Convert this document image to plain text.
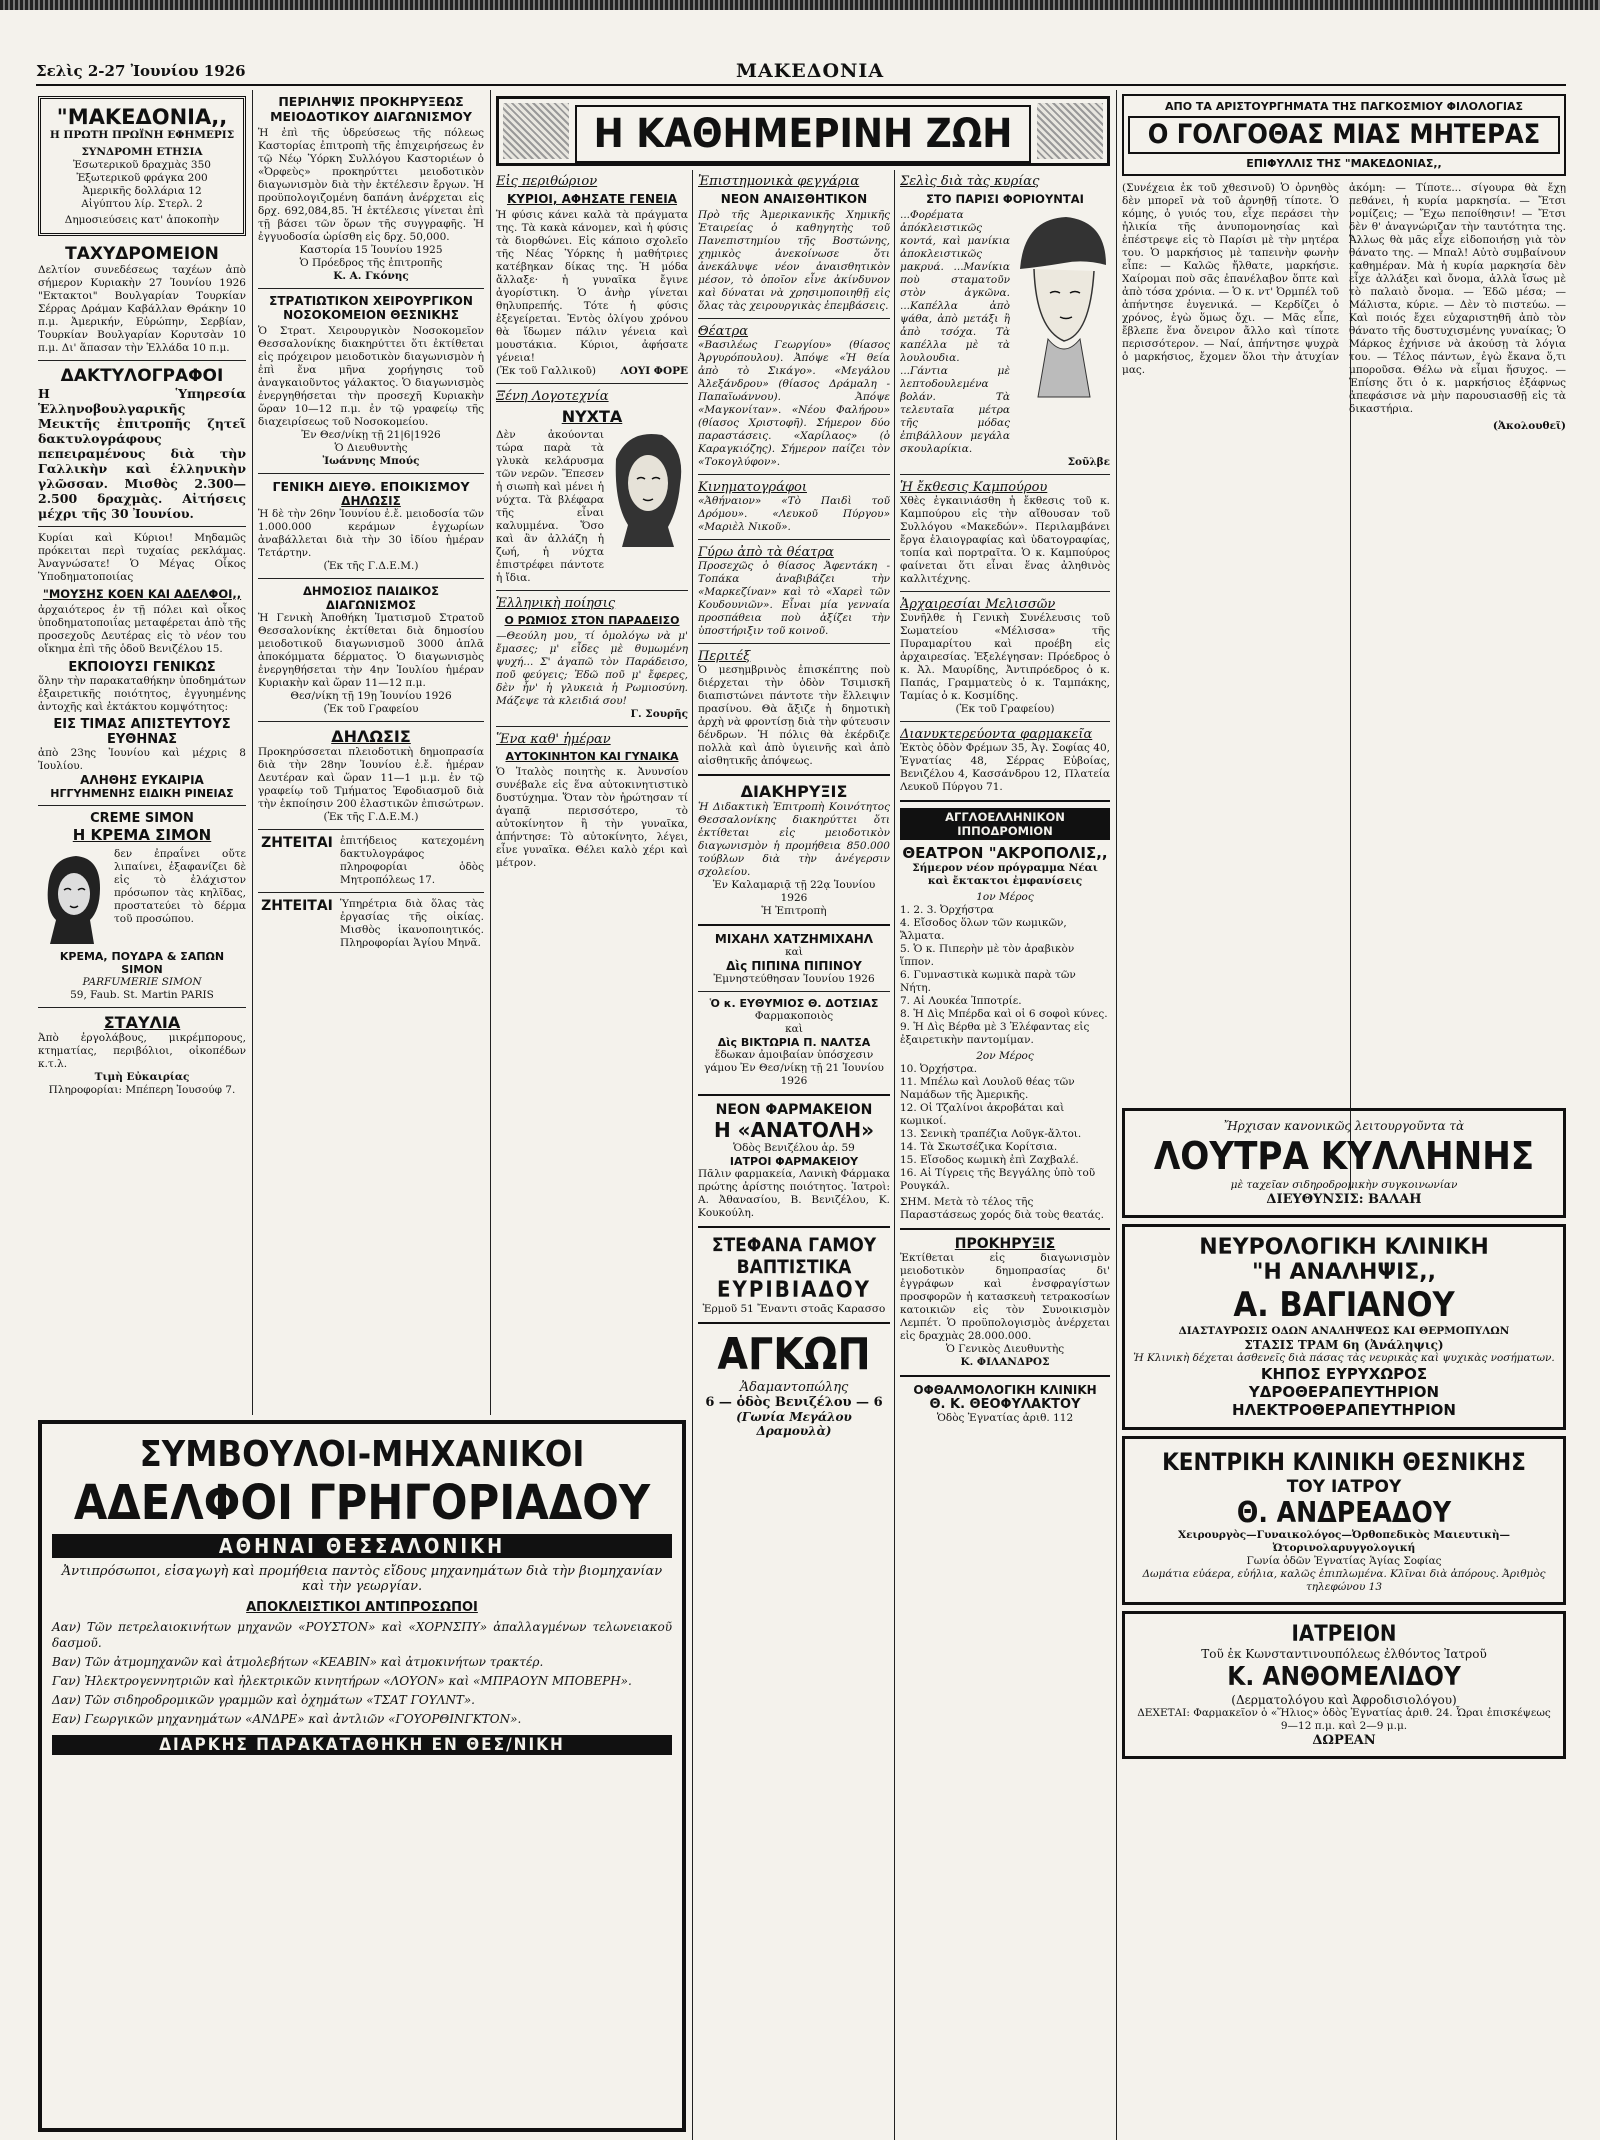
Σελὶς 2-27 Ἰουνίου 1926	ΜΑΚΕΔΟΝΙΑ
"ΜΑΚΕΔΟΝΙΑ,,
Η ΠΡΩΤΗ ΠΡΩΪΝΗ ΕΦΗΜΕΡΙΣ
ΣΥΝΔΡΟΜΗ ΕΤΗΣΙΑ
Ἐσωτερικοῦ δραχμὰς 350
Ἐξωτερικοῦ φράγκα 200
Ἀμερικῆς δολλάρια 12
Αἰγύπτου λίρ. Στερλ. 2
Δημοσιεύσεις κατ' ἀποκοπὴν
ΤΑΧΥΔΡΟΜΕΙΟΝ
Δελτίον συνεδέσεως ταχέων ἀπὸ σήμερον Κυριακὴν 27 Ἰουνίου 1926 "Εκτακτοι" Βουλγαρίαν Τουρκίαν Σέρρας Δράμαν Καβάλλαν Θράκην 10 π.μ. Ἀμερικήν, Εὐρώπην, Σερβίαν, Τουρκίαν Βουλγαρίαν Κορυτσὰν 10 π.μ. Δι' ἅπασαν τὴν Ἑλλάδα 10 π.μ.
ΔΑΚΤΥΛΟΓΡΑΦΟΙ
Η Ὑπηρεσία Ἑλληνοβουλγαρικῆς Μεικτῆς ἐπιτροπῆς ζητεῖ δακτυλογράφους πεπειραμένους διὰ τὴν Γαλλικὴν καὶ ἑλληνικὴν γλῶσσαν. Μισθὸς 2.300—2.500 δραχμὰς. Αἰτήσεις μέχρι τῆς 30 Ἰουνίου.
Κυρίαι καὶ Κύριοι! Μηδαμῶς πρόκειται περὶ τυχαίας ρεκλάμας. Ἀναγνώσατε! Ὁ Μέγας Οἶκος Ὑποδηματοποιίας
"ΜΟΥΣΗΣ ΚΟΕΝ ΚΑΙ ΑΔΕΛΦΟΙ,,
ἀρχαιότερος ἐν τῇ πόλει καὶ οἶκος ὑποδηματοποιΐας μεταφέρεται ἀπὸ τῆς προσεχοῦς Δευτέρας εἰς τὸ νέον του οἴκημα ἐπὶ τῆς ὁδοῦ Βενιζέλου 15.
ΕΚΠΟΙΟΥΣΙ ΓΕΝΙΚΩΣ
ὅλην τὴν παρακαταθήκην ὑποδημάτων ἐξαιρετικῆς ποιότητος, ἐγγυημένης ἀντοχῆς καὶ ἐκτάκτου κομψότητος:
ΕΙΣ ΤΙΜΑΣ ΑΠΙΣΤΕΥΤΟΥΣ ΕΥΘΗΝΑΣ
ἀπὸ 23ης Ἰουνίου καὶ μέχρις 8 Ἰουλίου.
ΑΛΗΘΗΣ ΕΥΚΑΙΡΙΑ
ΗΓΓΥΗΜΕΝΗΣ ΕΙΔΙΚΗ ΡΙΝΕΙΑΣ
CREME SIMON
Η ΚΡΕΜΑ ΣΙΜΟΝ
δεν ἐπραΐνει οὔτε λιπαίνει, ἐξαφανίζει δὲ εἰς τὸ ἐλάχιστον πρόσωπον τὰς κηλῖδας, προστατεύει τὸ δέρμα τοῦ προσώπου.
ΚΡΕΜΑ, ΠΟΥΔΡΑ & ΣΑΠΩΝ SIMON
PARFUMERIE SIMON
59, Faub. St. Martin PARIS
ΣΤΑΥΛΙΑ
Ἀπὸ ἐργολάβους, μικρέμπορους, κτηματίας, περιβόλιοι, οἰκοπέδων κ.τ.λ.
Τιμὴ Εὐκαιρίας
Πληροφορίαι: Μπέπερη Ἰουσούφ 7.
ΠΕΡΙΛΗΨΙΣ ΠΡΟΚΗΡΥΞΕΩΣ ΜΕΙΟΔΟΤΙΚΟΥ ΔΙΑΓΩΝΙΣΜΟΥ
Ἡ ἐπὶ τῆς ὑδρεύσεως τῆς πόλεως Καστορίας ἐπιτροπὴ τῆς ἐπιχειρήσεως ἐν τῷ Νέῳ Ὑόρκη Συλλόγου Καστοριέων ὁ «Ὀρφεὺς» προκηρύττει μειοδοτικὸν διαγωνισμὸν διὰ τὴν ἐκτέλεσιν ἔργων. Ἡ προϋπολογιζομένη δαπάνη ἀνέρχεται εἰς δρχ. 692,084,85. Ἡ ἐκτέλεσις γίνεται ἐπὶ τῇ βάσει τῶν ὅρων τῆς συγγραφῆς. Ἡ ἐγγυοδοσία ὡρίσθη εἰς δρχ. 50,000.
Καστορία 15 Ἰουνίου 1925
Ὁ Πρόεδρος τῆς ἐπιτροπῆς
Κ. Α. Γκόνης
ΣΤΡΑΤΙΩΤΙΚΟΝ ΧΕΙΡΟΥΡΓΙΚΟΝ ΝΟΣΟΚΟΜΕΙΟΝ ΘΕΣΝΙΚΗΣ
Ὁ Στρατ. Χειρουργικὸν Νοσοκομεῖον Θεσσαλονίκης διακηρύττει ὅτι ἐκτίθεται εἰς πρόχειρον μειοδοτικὸν διαγωνισμὸν ἡ ἐπὶ ἕνα μῆνα χορήγησις τοῦ ἀναγκαιοῦντος γάλακτος. Ὁ διαγωνισμὸς ἐνεργηθήσεται τὴν προσεχῆ Κυριακὴν ὥραν 10—12 π.μ. ἐν τῷ γραφείῳ τῆς διαχειρίσεως τοῦ Νοσοκομείου.
Ἐν Θεσ/νίκῃ τῇ 21|6|1926
Ὁ Διευθυντὴς
Ἰωάννης Μπούς
ΓΕΝΙΚΗ ΔΙΕΥΘ. ΕΠΟΙΚΙΣΜΟΥ
ΔΗΛΩΣΙΣ
Ἡ δὲ τὴν 26ην Ἰουνίου ἐ.ἔ. μειοδοσία τῶν 1.000.000 κεράμων ἐγχωρίων ἀναβάλλεται διὰ τὴν 30 ἰδίου ἡμέραν Τετάρτην.
(Ἐκ τῆς Γ.Δ.Ε.Μ.)
ΔΗΜΟΣΙΟΣ ΠΑΙΔΙΚΟΣ ΔΙΑΓΩΝΙΣΜΟΣ
Ἡ Γενικὴ Ἀποθήκη Ἰματισμοῦ Στρατοῦ Θεσσαλονίκης ἐκτίθεται διὰ δημοσίου μειοδοτικοῦ διαγωνισμοῦ 3000 ἀπλᾶ ἀποκόμματα δέρματος. Ὁ διαγωνισμὸς ἐνεργηθήσεται τὴν 4ην Ἰουλίου ἡμέραν Κυριακὴν καὶ ὥραν 11—12 π.μ.
Θεσ/νίκη τῇ 19ῃ Ἰουνίου 1926
(Ἐκ τοῦ Γραφείου
ΔΗΛΩΣΙΣ
Προκηρύσσεται πλειοδοτικὴ δημοπρασία διὰ τὴν 28ην Ἰουνίου ἐ.ἔ. ἡμέραν Δευτέραν καὶ ὥραν 11—1 μ.μ. ἐν τῷ γραφείῳ τοῦ Τμήματος Ἐφοδιασμοῦ διὰ τὴν ἐκποίησιν 200 ἐλαστικῶν ἐπισώτρων.
(Ἐκ τῆς Γ.Δ.Ε.Μ.)
ΖΗΤΕΙΤΑΙ ἐπιτήδειος κατεχομένη δακτυλογράφος πληροφορίαι ὁδὸς Μητροπόλεως 17.
ΖΗΤΕΙΤΑΙ Ὑπηρέτρια διὰ ὅλας τὰς ἐργασίας τῆς οἰκίας. Μισθὸς ἱκανοποιητικός. Πληροφορίαι Ἁγίου Μηνᾶ.
Η ΚΑΘΗΜΕΡΙΝΗ ΖΩΗ
Εἰς περιθώριον
ΚΥΡΙΟΙ, ΑΦΗΣΑΤΕ ΓΕΝΕΙΑ
Ἡ φύσις κάνει καλὰ τὰ πράγματα της. Τὰ κακὰ κάνομεν, καὶ ἡ φύσις τὰ διορθώνει. Εἰς κάποιο σχολεῖο τῆς Νέας Ὑόρκης ἡ μαθήτριες κατέβηκαν δίκας της. Ἡ μόδα ἄλλαξε· ἡ γυναῖκα ἔγινε ἀγορίστικη. Ὁ ἀνὴρ γίνεται θηλυπρεπής. Τότε ἡ φύσις ἐξεγείρεται. Ἐντὸς ὀλίγου χρόνου θὰ ἴδωμεν πάλιν γένεια καὶ μουστάκια. Κύριοι, ἀφήσατε γένεια!
(Ἐκ τοῦ Γαλλικοῦ) ΛΟΥΙ ΦΟΡΕ
Ξένη Λογοτεχνία
ΝΥΧΤΑ
Δὲν ἀκούονται τώρα παρὰ τὰ γλυκὰ κελάρυσμα τῶν νερῶν. Ἔπεσεν ἡ σιωπὴ καὶ μένει ἡ νύχτα. Τὰ βλέφαρα τῆς εἶναι καλυμμένα. Ὅσο καὶ ἂν ἀλλάζη ἡ ζωή, ἡ νύχτα ἐπιστρέφει πάντοτε ἡ ἴδια.
Ἑλληνικὴ ποίησις
Ο ΡΩΜΙΟΣ ΣΤΟΝ ΠΑΡΑΔΕΙΣΟ
—Θεούλη μου, τί ὁμολόγω νὰ μ' ἔμασες; μ' εἶδες μὲ θυμωμένη ψυχή... Σ' ἀγαπῶ τὸν Παράδεισο, ποῦ φεύγεις; Ἐδῶ ποῦ μ' ἔφερες, δὲν ἦν' ἡ γλυκειὰ ἡ Ρωμιοσύνη. Μάζεψε τὰ κλειδιά σου!
Γ. Σουρῆς
Ἕνα καθ' ἡμέραν
ΑΥΤΟΚΙΝΗΤΟΝ ΚΑΙ ΓΥΝΑΙΚΑ
Ὁ Ἰταλὸς ποιητὴς κ. Ἀνυνσίου συνέβαλε εἰς ἕνα αὐτοκινητιστικὸ δυστύχημα. Ὅταν τὸν ἠρώτησαν τί ἀγαπᾷ περισσότερο, τὸ αὐτοκίνητον ἢ τὴν γυναῖκα, ἀπήντησε: Τὸ αὐτοκίνητο, λέγει, εἶνε γυναῖκα. Θέλει καλὸ χέρι καὶ μέτρον.
Ἐπιστημονικὰ φεγγάρια
ΝΕΟΝ ΑΝΑΙΣΘΗΤΙΚΟΝ
Πρὸ τῆς Ἀμερικανικῆς Χημικῆς Ἑταιρείας ὁ καθηγητὴς τοῦ Πανεπιστημίου τῆς Βοστώνης, χημικὸς ἀνεκοίνωσε ὅτι ἀνεκάλυψε νέον ἀναισθητικὸν μέσον, τὸ ὁποῖον εἶνε ἀκίνδυνον καὶ δύναται νὰ χρησιμοποιηθῇ εἰς ὅλας τὰς χειρουργικὰς ἐπεμβάσεις.
Θέατρα
«Βασιλέως Γεωργίου» (θίασος Ἀργυρόπουλου). Ἀπόψε «Ἡ θεία ἀπὸ τὸ Σικάγο». «Μεγάλου Ἀλεξάνδρου» (θίασος Δράμαλη - Παπαϊωάννου). Ἀπόψε «Μαγκονίταν». «Νέου Φαλήρου» (θίασος Χριστοφῆ). Σήμερον δύο παραστάσεις. «Χαρίλαος» (ὁ Καραγκιόζης). Σήμερον παίζει τὸν «Τοκογλύφον».
Κινηματογράφοι
«Ἀθήναιον» «Τὸ Παιδὶ τοῦ Δρόμου». «Λευκοῦ Πύργου» «Μαριὲλ Νικοῦ».
Γύρω ἀπὸ τὰ θέατρα
Προσεχῶς ὁ θίασος Ἀφεντάκη - Τοπάκα ἀναβιβάζει τὴν «Μαρκεζίναν» καὶ τὸ «Χαρεὶ τῶν Κουδουνιῶν». Εἶναι μία γενναία προσπάθεια ποὺ ἀξίζει τὴν ὑποστήριξιν τοῦ κοινοῦ.
Περιτέξ
Ὁ μεσημβρινὸς ἐπισκέπτης ποὺ διέρχεται τὴν ὁδὸν Τσιμισκῆ διαπιστώνει πάντοτε τὴν ἔλλειψιν πρασίνου. Θὰ ἄξιζε ἡ δημοτικὴ ἀρχὴ νὰ φροντίσῃ διὰ τὴν φύτευσιν δένδρων. Ἡ πόλις θὰ ἐκέρδιζε πολλὰ καὶ ἀπὸ ὑγιεινῆς καὶ ἀπὸ αἰσθητικῆς ἀπόψεως.
ΔΙΑΚΗΡΥΞΙΣ
Ἡ Διδακτικὴ Ἐπιτροπὴ Κοινότητος Θεσσαλονίκης διακηρύττει ὅτι ἐκτίθεται εἰς μειοδοτικὸν διαγωνισμὸν ἡ προμήθεια 850.000 τούβλων διὰ τὴν ἀνέγερσιν σχολείου.
Ἐν Καλαμαριᾷ τῇ 22ᾳ Ἰουνίου 1926
Ἡ Ἐπιτροπὴ
ΜΙΧΑΗΛ ΧΑΤΖΗΜΙΧΑΗΛ
καὶ
Δὶς ΠΙΠΙΝΑ ΠΙΠΙΝΟΥ
Ἐμνηστεύθησαν Ἰουνίου 1926
Ὁ κ. ΕΥΘΥΜΙΟΣ Θ. ΔΟΤΣΙΑΣ
Φαρμακοποιὸς
καὶ
Δὶς ΒΙΚΤΩΡΙΑ Π. ΝΑΛΤΣΑ
ἔδωκαν ἀμοιβαίαν ὑπόσχεσιν γάμου Ἐν Θεσ/νίκῃ τῇ 21 Ἰουνίου 1926
ΝΕΟΝ ΦΑΡΜΑΚΕΙΟΝ
Η «ΑΝΑΤΟΛΗ»
Ὁδὸς Βενιζέλου ἀρ. 59
ΙΑΤΡΟΙ ΦΑΡΜΑΚΕΙΟΥ
Πᾶλιν φαρμακεία, Λανικὴ Φάρμακα πρώτης ἀρίστης ποιότητος. Ἰατροὶ: Α. Ἀθανασίου, Β. Βενιζέλου, Κ. Κουκούλη.
ΣΤΕΦΑΝΑ ΓΑΜΟΥ ΒΑΠΤΙΣΤΙΚΑ
ΕΥΡΙΒΙΑΔΟΥ
Ἑρμοῦ 51 Ἔναντι στοᾶς Καρασσο
ΑΓΚΩΠ
Ἀδαμαντοπώλης
6 — ὁδὸς Βενιζέλου — 6
(Γωνία Μεγάλου Δραμουλὰ)
Σελὶς διὰ τὰς κυρίας
ΣΤΟ ΠΑΡΙΣΙ ΦΟΡΙΟΥΝΤΑΙ
...Φορέματα ἀπόκλειστικῶς κοντά, καὶ μανίκια ἀποκλειστικῶς μακρυά. ...Μανίκια ποὺ σταματοῦν στὸν ἀγκῶνα. ...Καπέλλα ἀπὸ ψάθα, ἀπὸ μετάξι ἢ ἀπὸ τσόχα. Τὰ καπέλλα μὲ τὰ λουλουδια. ...Γάντια μὲ λεπτοδουλεμένα βολάν. Τὰ τελευταῖα μέτρα τῆς μόδας ἐπιβάλλουν μεγάλα σκουλαρίκια.
Σοῦλβε
Ἡ ἔκθεσις Καμπούρου
Χθὲς ἐγκαινιάσθη ἡ ἔκθεσις τοῦ κ. Καμπούρου εἰς τὴν αἴθουσαν τοῦ Συλλόγου «Μακεδών». Περιλαμβάνει ἔργα ἐλαιογραφίας καὶ ὑδατογραφίας, τοπία καὶ πορτραῖτα. Ὁ κ. Καμπούρος φαίνεται ὅτι εἶναι ἕνας ἀληθινὸς καλλιτέχνης.
Ἀρχαιρεσίαι Μελισσῶν
Συνῆλθε ἡ Γενικὴ Συνέλευσις τοῦ Σωματείου «Μέλισσα» τῆς Πυραμαρίτου καὶ προέβη εἰς ἀρχαιρεσίας. Ἐξελέγησαν: Πρόεδρος ὁ κ. Ἀλ. Μαυρίδης, Ἀντιπρόεδρος ὁ κ. Παπάς, Γραμματεὺς ὁ κ. Ταμπάκης, Ταμίας ὁ κ. Κοσμίδης.
(Ἐκ τοῦ Γραφείου)
Διανυκτερεύοντα φαρμακεῖα
Ἐκτὸς ὁδὸν Φρέμων 35, Ἀγ. Σοφίας 40, Ἐγνατίας 48, Σέρρας Εὐβοίας, Βενιζέλου 4, Κασσάνδρου 12, Πλατεία Λευκοῦ Πύργου 71.
ΑΓΓΛΟΕΛΛΗΝΙΚΟΝ ΙΠΠΟΔΡΟΜΙΟΝ
ΘΕΑΤΡΟΝ "ΑΚΡΟΠΟΛΙΣ,,
Σήμερον νέον πρόγραμμα Νέαι καὶ ἔκτακτοι ἐμφανίσεις
1ον Μέρος
1. 2. 3. Ὀρχήστρα
4. Εἴσοδος ὅλων τῶν κωμικῶν, Ἄλματα.
5. Ὁ κ. Πιπερὴν μὲ τὸν ἀραβικὸν ἵππον.
6. Γυμναστικὰ κωμικὰ παρὰ τῶν Νήτη.
7. Αἱ Λουκέα Ἰπποτρίε.
8. Ἡ Δὶς Μπέρδα καὶ οἱ 6 σοφοὶ κύνες.
9. Ἡ Δὶς Βέρθα μὲ 3 Ἐλέφαντας εἰς ἐξαιρετικὴν παντομίμαν.
2ον Μέρος
10. Ὀρχήστρα.
11. Μπέλω καὶ Λουλοῦ θέας τῶν Ναμάδων τῆς Ἀμερικῆς.
12. Οἱ Τζαλίνοι ἀκροβάται καὶ κωμικοί.
13. Σενικὴ τραπέζια Λοῦγκ-ἄλτοι.
14. Τὰ Σκωτσέζικα Κορίτσια.
15. Εἴσοδος κωμικὴ ἐπὶ Ζαχβαλέ.
16. Αἱ Τίγρεις τῆς Βεγγάλης ὑπὸ τοῦ Ρουγκάλ.
ΣΗΜ. Μετὰ τὸ τέλος τῆς Παραστάσεως χορός διὰ τοὺς θεατάς.
ΠΡΟΚΗΡΥΞΙΣ
Ἐκτίθεται εἰς διαγωνισμὸν μειοδοτικὸν δημοπρασίας δι' ἐγγράφων καὶ ἐνσφραγίστων προσφορῶν ἡ κατασκευὴ τετρακοσίων κατοικιῶν εἰς τὸν Συνοικισμὸν Λεμπέτ. Ὁ προϋπολογισμὸς ἀνέρχεται εἰς δραχμὰς 28.000.000.
Ὁ Γενικὸς Διευθυντὴς
Κ. ΦΙΛΑΝΔΡΟΣ
ΟΦΘΑΛΜΟΛΟΓΙΚΗ ΚΛΙΝΙΚΗ
Θ. Κ. ΘΕΟΦΥΛΑΚΤΟΥ
Ὁδὸς Ἐγνατίας ἀριθ. 112
ΑΠΟ ΤΑ ΑΡΙΣΤΟΥΡΓΗΜΑΤΑ ΤΗΣ ΠΑΓΚΟΣΜΙΟΥ ΦΙΛΟΛΟΓΙΑΣ
Ο ΓΟΛΓΟΘΑΣ ΜΙΑΣ ΜΗΤΕΡΑΣ
ΕΠΙΦΥΛΛΙΣ ΤΗΣ "ΜΑΚΕΔΟΝΙΑΣ,,
(Συνέχεια ἐκ τοῦ χθεσινοῦ) Ὁ ὀρνηθὸς δὲν μπορεῖ νὰ τοῦ ἀρνηθῇ τίποτε. Ὁ κόμης, ὁ γυιός του, εἶχε περάσει τὴν ἡλικία τῆς ἀνυπομονησίας καὶ ἐπέστρεψε εἰς τὸ Παρίσι μὲ τὴν μητέρα του. Ὁ μαρκήσιος μὲ ταπεινὴν φωνὴν εἶπε: — Καλῶς ἤλθατε, μαρκήσιε. Χαίρομαι ποὺ σᾶς ἐπανέλαβον ὅπτε καὶ ἀπὸ τόσα χρόνια. — Ὁ κ. ντ' Ὀρμπέλ τοῦ ἀπήντησε ἐυγενικά. — Κερδίζει ὁ χρόνος, ἐγὼ ὅμως ὄχι. — Μᾶς εἶπε, ἔβλεπε ἕνα ὄνειρον ἄλλο καὶ τίποτε περισσότερον. — Ναί, ἀπήντησε ψυχρὰ ὁ μαρκήσιος, ἔχομεν ὅλοι τὴν ἀτυχίαν μας.
ἀκόμη: — Τίποτε... σίγουρα θὰ ἔχῃ πεθάνει, ἡ κυρία μαρκησία. — Ἔτσι νομίζεις; — Ἔχω πεποίθησιν! — Ἔτσι δὲν θ' ἀναγνώριζαν τὴν ταυτότητα της. Ἄλλως θὰ μᾶς εἶχε εἰδοποιήσῃ γιὰ τὸν θάνατο της. — Μπαλ! Αὐτὸ συμβαίνουν καθημέραν. Μὰ ἡ κυρία μαρκησία δὲν εἶχε ἀλλάξει καὶ ὄνομα, ἀλλὰ ἴσως μὲ τὸ παλαιὸ ὄνομα. — Ἐδῶ μέσα; — Μάλιστα, κύριε. — Δὲν τὸ πιστεύω. — Καὶ ποιός ἔχει εὐχαριστηθῆ ἀπὸ τὸν θάνατο τῆς δυστυχισμένης γυναίκας; Ὁ Μάρκος ἐχήνισε νὰ ἀκούσῃ τὰ λόγια του. — Τέλος πάντων, ἐγὼ ἔκανα ὅ,τι μποροῦσα. Θέλω νὰ εἶμαι ἥσυχος. — Ἐπίσης ὅτι ὁ κ. μαρκήσιος ἐξάφνως ἀπεφάσισε νὰ μὴν παρουσιασθῇ εἰς τὰ δικαστήρια.
(Ἀκολουθεῖ)
Ἤρχισαν κανονικῶς λειτουργοῦντα τὰ
ΛΟΥΤΡΑ ΚΥΛΛΗΝΗΣ
μὲ ταχεῖαν σιδηροδρομικὴν συγκοινωνίαν
ΔΙΕΥΘΥΝΣΙΣ: ΒΑΛΑΗ
ΝΕΥΡΟΛΟΓΙΚΗ ΚΛΙΝΙΚΗ
"Η ΑΝΑΛΗΨΙΣ,,
Α. ΒΑΓΙΑΝΟΥ
ΔΙΑΣΤΑΥΡΩΣΙΣ ΟΔΩΝ ΑΝΑΛΗΨΕΩΣ ΚΑΙ ΘΕΡΜΟΠΥΛΩΝ
ΣΤΑΣΙΣ ΤΡΑΜ 6η (Ἀνάληψις)
Ἡ Κλινικὴ δέχεται ἀσθενεῖς διὰ πάσας τὰς νευρικὰς καὶ ψυχικὰς νοσήματων.
ΚΗΠΟΣ ΕΥΡΥΧΩΡΟΣ
ΥΔΡΟΘΕΡΑΠΕΥΤΗΡΙΟΝ
ΗΛΕΚΤΡΟΘΕΡΑΠΕΥΤΗΡΙΟΝ
ΚΕΝΤΡΙΚΗ ΚΛΙΝΙΚΗ ΘΕΣΝΙΚΗΣ
ΤΟΥ ΙΑΤΡΟΥ
Θ. ΑΝΔΡΕΑΔΟΥ
Χειρουργὸς—Γυναικολόγος—Ὀρθοπεδικὸς Μαιευτικὴ—Ὠτορινολαρυγγολογική
Γωνία ὁδῶν Ἐγνατίας Ἁγίας Σοφίας
Δωμάτια εὐάερα, εὐήλια, καλῶς ἐπιπλωμένα. Κλῖναι διὰ ἀπόρους. Ἀριθμὸς τηλεφώνου 13
ΙΑΤΡΕΙΟΝ
Τοῦ ἐκ Κωνσταντινουπόλεως ἐλθόντος Ἰατροῦ
Κ. ΑΝΘΟΜΕΛΙΔΟΥ
(Δερματολόγου καὶ Ἀφροδισιολόγου)
ΔΕΧΕΤΑΙ: Φαρμακεῖον ὁ «Ἥλιος» ὁδὸς Ἐγνατίας ἀριθ. 24. Ὧραι ἐπισκέψεως 9—12 π.μ. καὶ 2—9 μ.μ.
ΔΩΡΕΑΝ
ΣΥΜΒΟΥΛΟΙ-ΜΗΧΑΝΙΚΟΙ
ΑΔΕΛΦΟΙ ΓΡΗΓΟΡΙΑΔΟΥ
ΑΘΗΝΑΙ ΘΕΣΣΑΛΟΝΙΚΗ
Ἀντιπρόσωποι, εἰσαγωγὴ καὶ προμήθεια παντὸς εἴδους μηχανημάτων διὰ τὴν βιομηχανίαν καὶ τὴν γεωργίαν.
ΑΠΟΚΛΕΙΣΤΙΚΟΙ ΑΝΤΙΠΡΟΣΩΠΟΙ
Ααν) Τῶν πετρελαιοκινήτων μηχανῶν «ΡΟΥΣΤΟΝ» καὶ «ΧΟΡΝΣΠΥ» ἀπαλλαγμένων τελωνειακοῦ δασμοῦ.
Βαν) Τῶν ἀτμομηχανῶν καὶ ἀτμολεβήτων «ΚΕΑΒΙΝ» καὶ ἀτμοκινήτων τρακτέρ.
Γαν) Ἠλεκτρογεννητριῶν καὶ ἠλεκτρικῶν κινητήρων «ΛΟΥΟΝ» καὶ «ΜΠΡΑΟΥΝ ΜΠΟΒΕΡΗ».
Δαν) Τῶν σιδηροδρομικῶν γραμμῶν καὶ ὀχημάτων «ΤΣΑΤ ΓΟΥΛΝΤ».
Εαν) Γεωργικῶν μηχανημάτων «ΑΝΔΡΕ» καὶ ἀντλιῶν «ΓΟΥΟΡΘΙΝΓΚΤΟΝ».
ΔΙΑΡΚΗΣ ΠΑΡΑΚΑΤΑΘΗΚΗ ΕΝ ΘΕΣ/ΝΙΚΗ
